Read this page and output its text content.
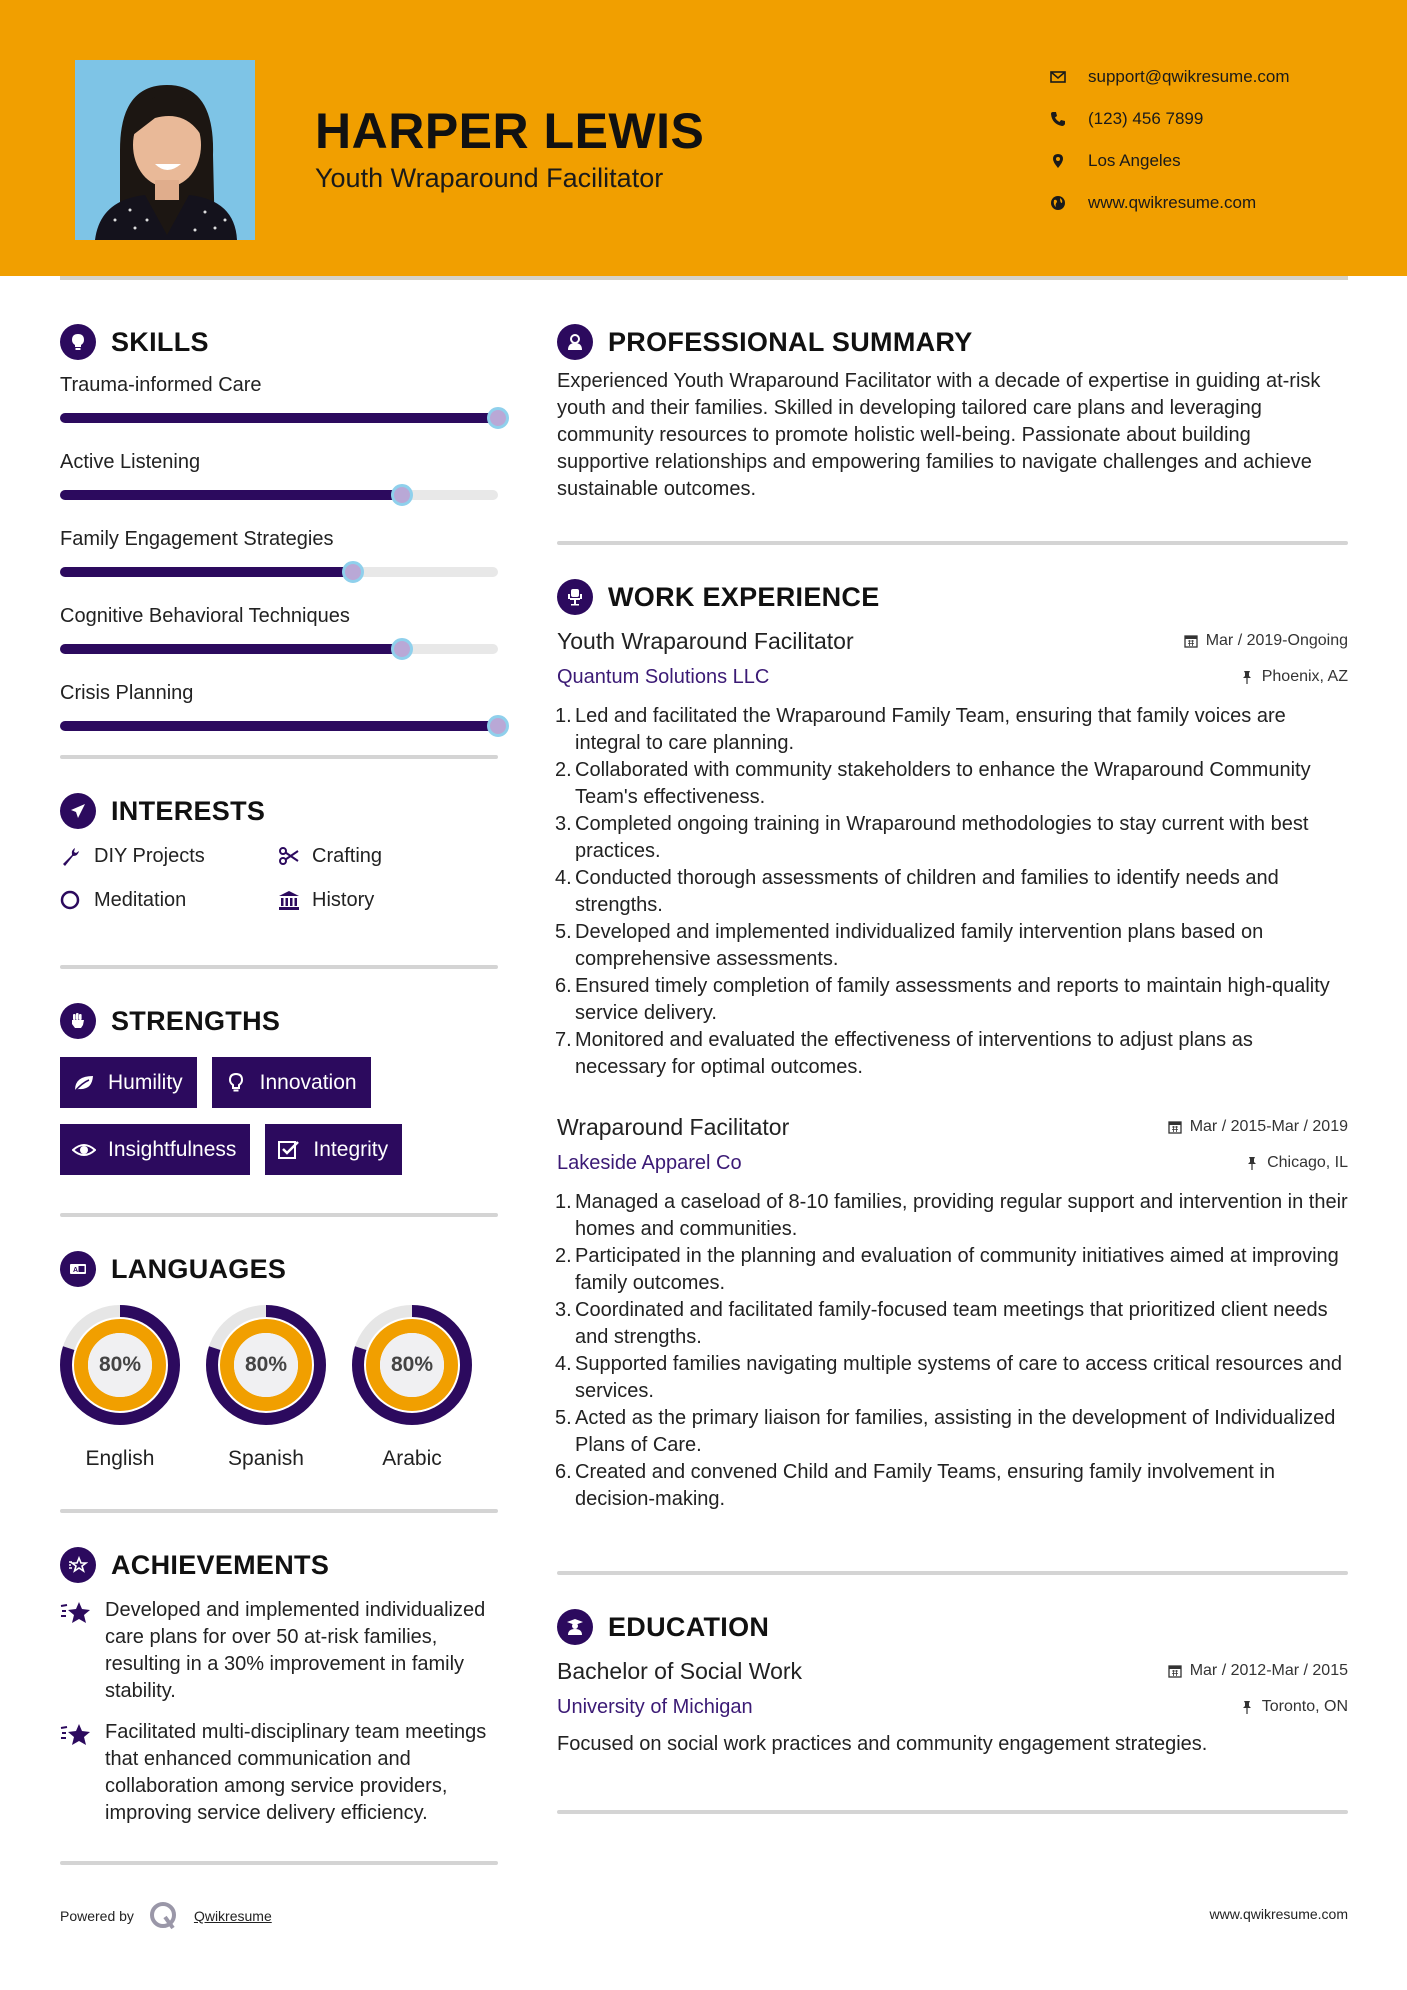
HARPER LEWIS
Youth Wraparound Facilitator
support@qwikresume.com
(123) 456 7899
Los Angeles
www.qwikresume.com
SKILLS
Trauma-informed Care
Active Listening
Family Engagement Strategies
Cognitive Behavioral Techniques
Crisis Planning
INTERESTS
DIY Projects	Crafting
Meditation	History
STRENGTHS
Humility	Innovation
Insightfulness	Integrity
A LANGUAGES
80%
English
80%
Spanish
80%
Arabic
ACHIEVEMENTS
Developed and implemented individualized care plans for over 50 at-risk families, resulting in a 30% improvement in family stability.
Facilitated multi-disciplinary team meetings that enhanced communication and collaboration among service providers, improving service delivery efficiency.
PROFESSIONAL SUMMARY
Experienced Youth Wraparound Facilitator with a decade of expertise in guiding at-risk youth and their families. Skilled in developing tailored care plans and leveraging community resources to promote holistic well-being. Passionate about building supportive relationships and empowering families to navigate challenges and achieve sustainable outcomes.
WORK EXPERIENCE
Youth Wraparound Facilitator	Mar / 2019-Ongoing
Quantum Solutions LLC	Phoenix, AZ
1. Led and facilitated the Wraparound Family Team, ensuring that family voices are integral to care planning.
2. Collaborated with community stakeholders to enhance the Wraparound Community Team's effectiveness.
3. Completed ongoing training in Wraparound methodologies to stay current with best practices.
4. Conducted thorough assessments of children and families to identify needs and strengths.
5. Developed and implemented individualized family intervention plans based on comprehensive assessments.
6. Ensured timely completion of family assessments and reports to maintain high-quality service delivery.
7. Monitored and evaluated the effectiveness of interventions to adjust plans as necessary for optimal outcomes.
Wraparound Facilitator	Mar / 2015-Mar / 2019
Lakeside Apparel Co	Chicago, IL
1. Managed a caseload of 8-10 families, providing regular support and intervention in their homes and communities.
2. Participated in the planning and evaluation of community initiatives aimed at improving family outcomes.
3. Coordinated and facilitated family-focused team meetings that prioritized client needs and strengths.
4. Supported families navigating multiple systems of care to access critical resources and services.
5. Acted as the primary liaison for families, assisting in the development of Individualized Plans of Care.
6. Created and convened Child and Family Teams, ensuring family involvement in decision-making.
EDUCATION
Bachelor of Social Work	Mar / 2012-Mar / 2015
University of Michigan	Toronto, ON
Focused on social work practices and community engagement strategies.
Powered by	Qwikresume	www.qwikresume.com
